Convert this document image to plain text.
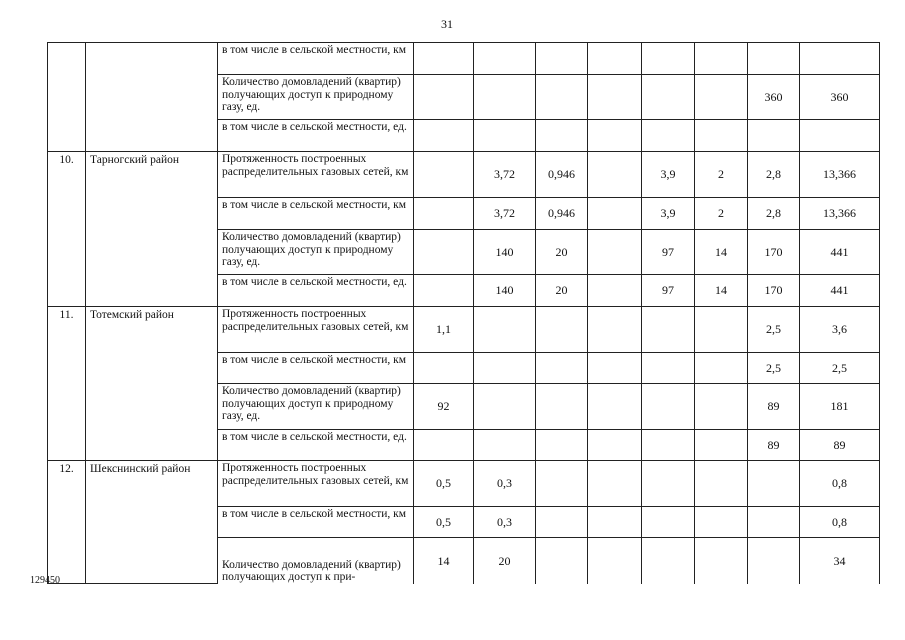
31
		в том числе в сельской местности, км								
		Количество домовладений (квартир) получающих доступ к природному газу, ед.							360	360
		в том числе в сельской местности, ед.								
10.	Тарногский район	Протяженность построенных распределительных газовых сетей, км		3,72	0,946		3,9	2	2,8	13,366
		в том числе в сельской местности, км		3,72	0,946		3,9	2	2,8	13,366
		Количество домовладений (квартир) получающих доступ к природному газу, ед.		140	20		97	14	170	441
		в том числе в сельской местности, ед.		140	20		97	14	170	441
11.	Тотемский район	Протяженность построенных распределительных газовых сетей, км	1,1						2,5	3,6
		в том числе в сельской местности, км							2,5	2,5
		Количество домовладений (квартир) получающих доступ к природному газу, ед.	92						89	181
		в том числе в сельской местности, ед.							89	89
12.	Шекснинский район	Протяженность построенных распределительных газовых сетей, км	0,5	0,3						0,8
		в том числе в сельской местности, км	0,5	0,3						0,8
		Количество домовладений (квартир) получающих доступ к при-	14	20						34
129450
